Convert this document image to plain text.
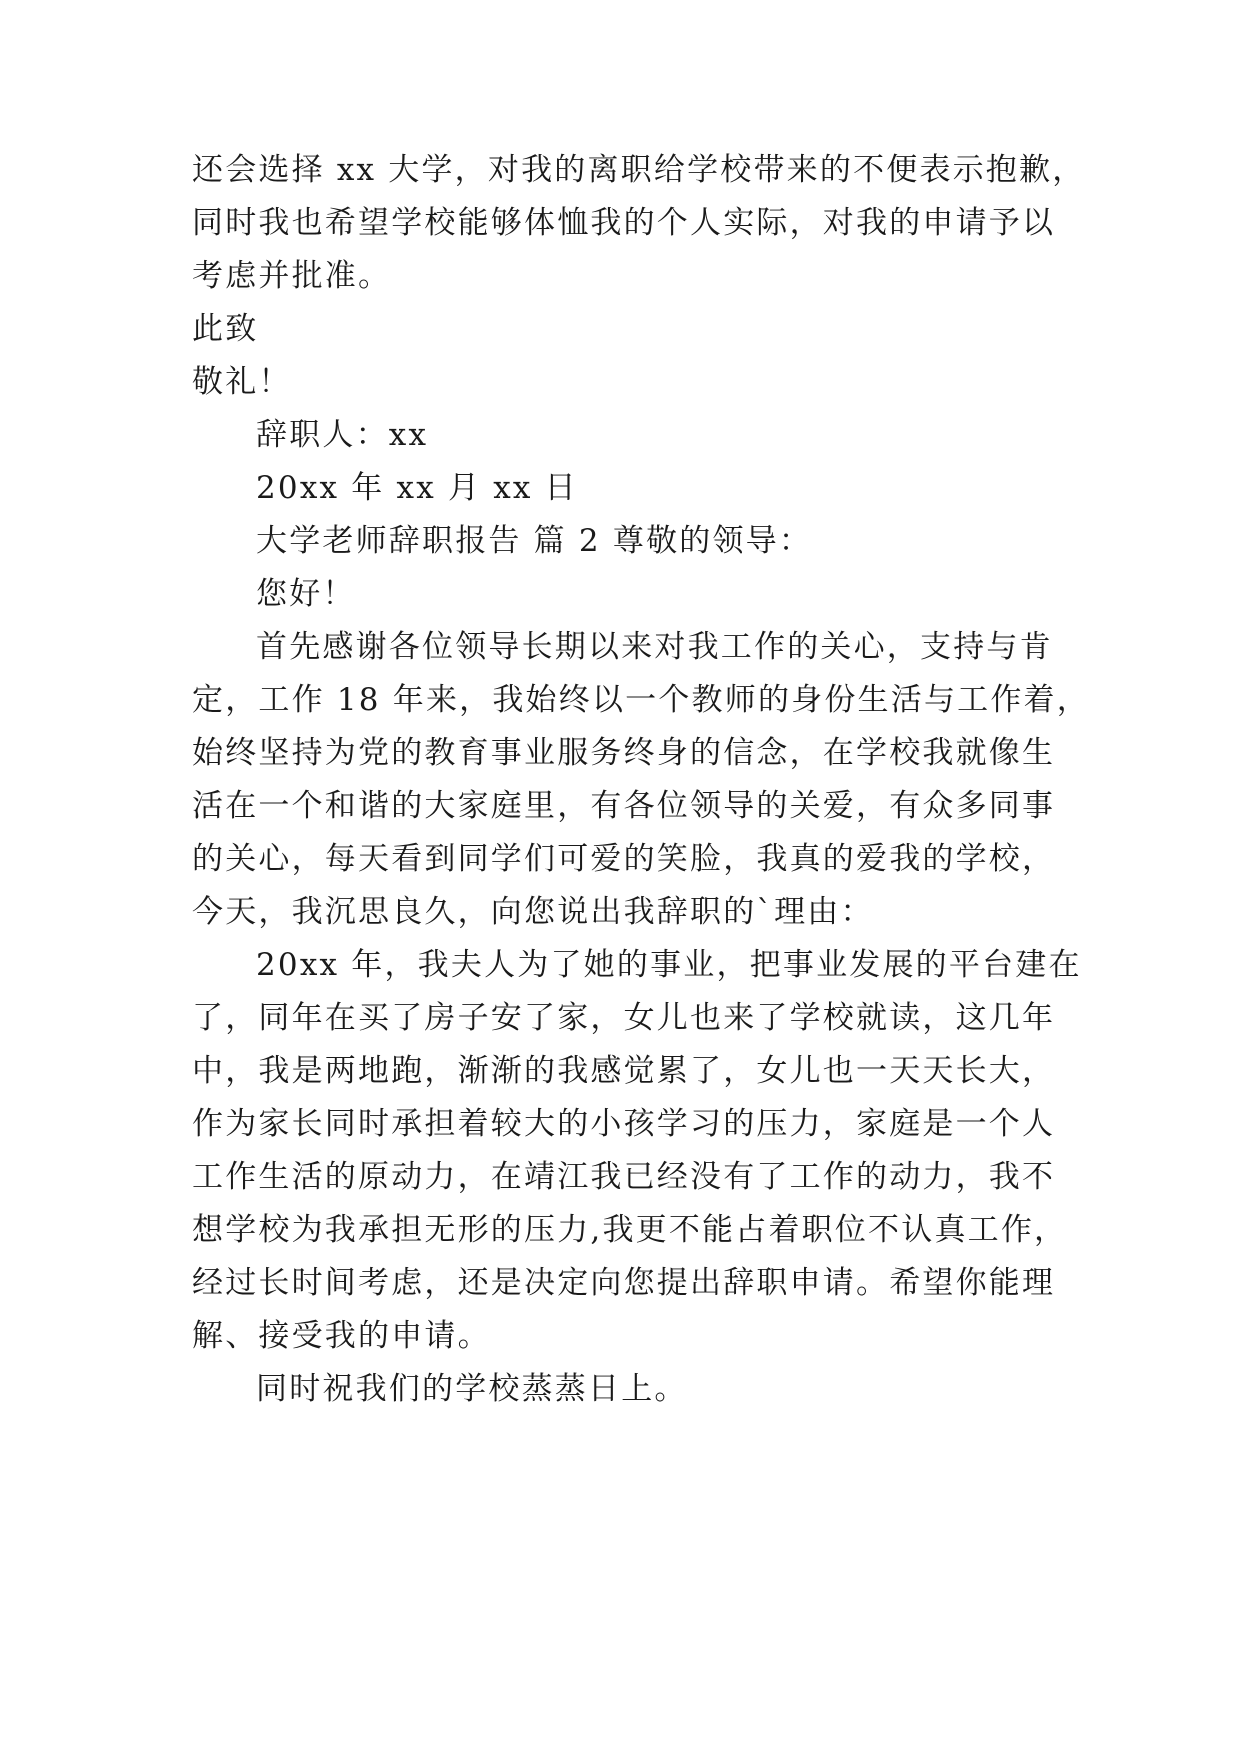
还会选择 xx 大学，对我的离职给学校带来的不便表示抱歉，
同时我也希望学校能够体恤我的个人实际，对我的申请予以
考虑并批准。
此致
敬礼！
辞职人：xx
20xx 年 xx 月 xx 日
大学老师辞职报告 篇 2 尊敬的领导：
您好！
首先感谢各位领导长期以来对我工作的关心，支持与肯
定，工作 18 年来，我始终以一个教师的身份生活与工作着，
始终坚持为党的教育事业服务终身的信念，在学校我就像生
活在一个和谐的大家庭里，有各位领导的关爱，有众多同事
的关心，每天看到同学们可爱的笑脸，我真的爱我的学校，
今天，我沉思良久，向您说出我辞职的`理由：
20xx 年，我夫人为了她的事业，把事业发展的平台建在
了，同年在买了房子安了家，女儿也来了学校就读，这几年
中，我是两地跑，渐渐的我感觉累了，女儿也一天天长大，
作为家长同时承担着较大的小孩学习的压力，家庭是一个人
工作生活的原动力，在靖江我已经没有了工作的动力，我不
想学校为我承担无形的压力,我更不能占着职位不认真工作，
经过长时间考虑，还是决定向您提出辞职申请。希望你能理
解、接受我的申请。
同时祝我们的学校蒸蒸日上。
